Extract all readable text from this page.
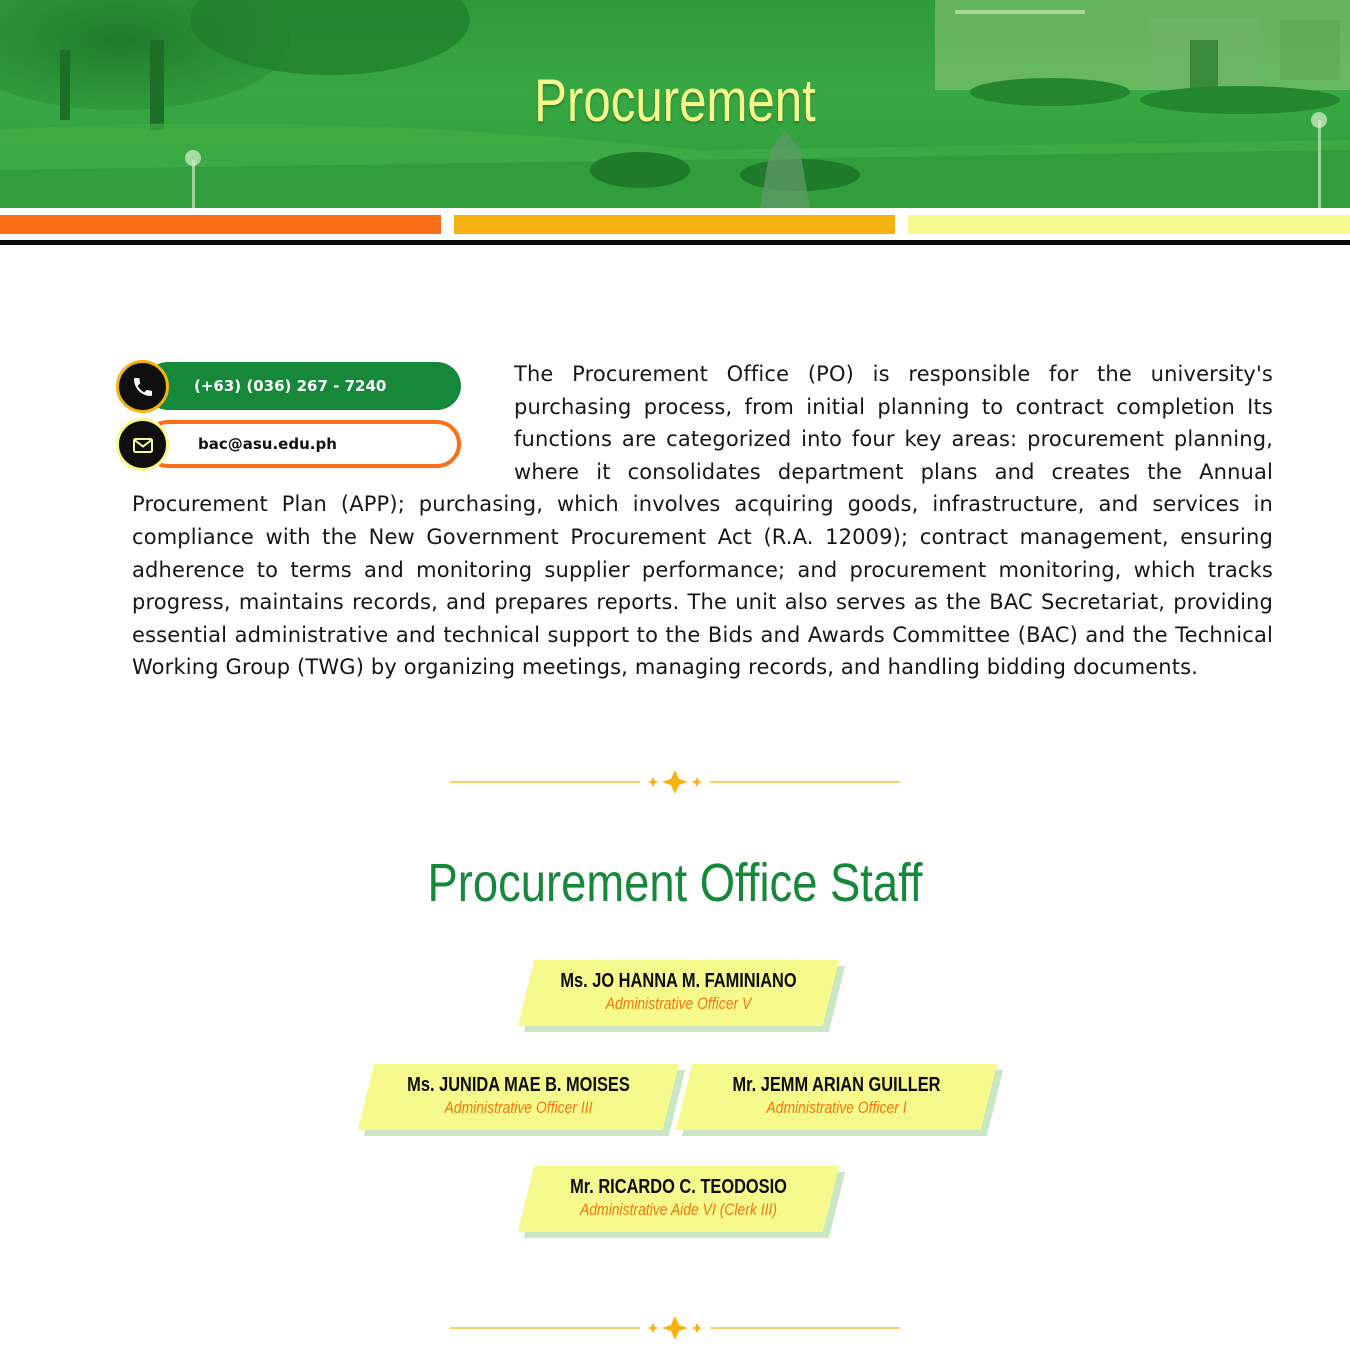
Procurement
(+63) (036) 267 - 7240
bac@asu.edu.ph
The Procurement Office (PO) is responsible for the university's purchasing process, from initial planning to contract completion Its functions are categorized into four key areas: procurement planning, where it consolidates department plans and creates the Annual Procurement Plan (APP); purchasing, which involves acquiring goods, infrastructure, and services in compliance with the New Government Procurement Act (R.A. 12009); contract management, ensuring adherence to terms and monitoring supplier performance; and procurement monitoring, which tracks progress, maintains records, and prepares reports. The unit also serves as the BAC Secretariat, providing essential administrative and technical support to the Bids and Awards Committee (BAC) and the Technical Working Group (TWG) by organizing meetings, managing records, and handling bidding documents.
Procurement Office Staff
Ms. JO HANNA M. FAMINIANO
Administrative Officer V
Ms. JUNIDA MAE B. MOISES
Administrative Officer III
Mr. JEMM ARIAN GUILLER
Administrative Officer I
Mr. RICARDO C. TEODOSIO
Administrative Aide VI (Clerk III)
